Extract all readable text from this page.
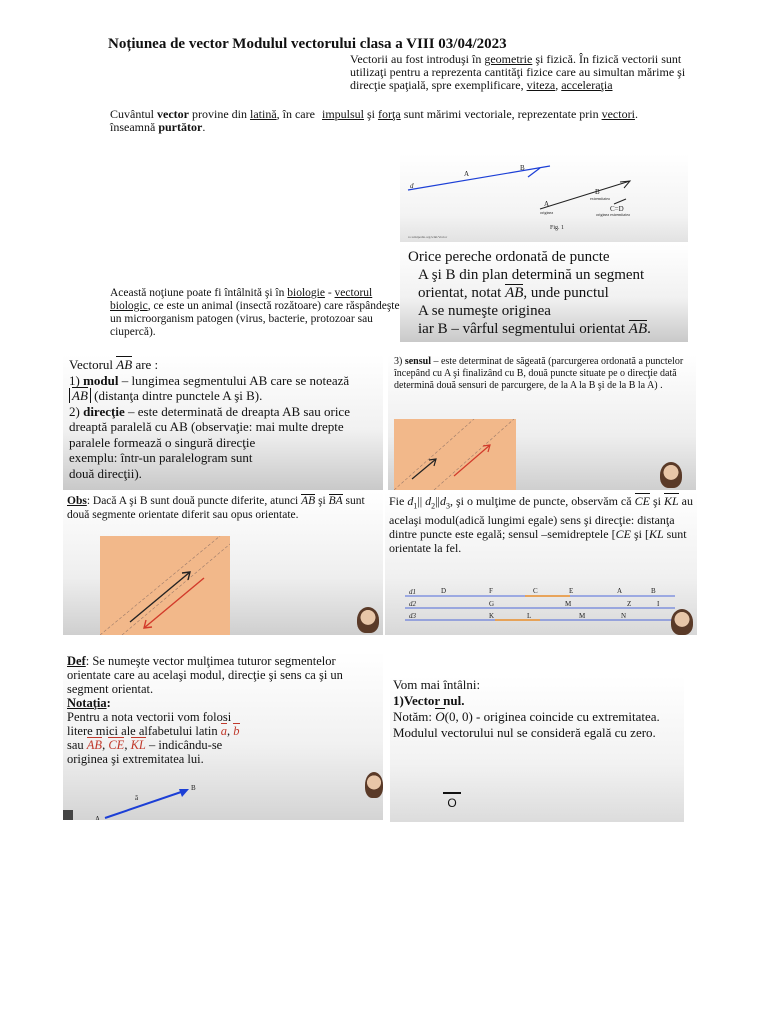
Noțiunea de vector Modulul vectorului clasa a VIII 03/04/2023
Vectorii au fost introduşi în geometrie şi fizică. În fizică vectorii sunt utilizaţi pentru a reprezenta cantităţi fizice care au simultan mărime şi direcţie spaţială, spre exemplificare, viteza, acceleraţia
impulsul şi forţa sunt mărimi vectoriale, reprezentate prin vectori.
Cuvântul vector provine din latină, în care înseamnă purtător.
d
A
B
B
extremitatea
A
originea	C=D
originea extremitatea
Fig. 1
ro.wikipedia.org/wiki/Vector
Orice pereche ordonată de puncte
A şi B din plan determină un segment
orientat, notat AB, unde punctul
A se numeşte originea
iar B – vârful segmentului orientat AB.
Această noţiune poate fi întâlnită şi în biologie - vectorul biologic, ce este un animal (insectă rozătoare) care răspândeşte un microorganism patogen (virus, bacterie, protozoar sau ciupercă).
Vectorul AB are :
1) modul – lungimea segmentului AB care se notează
AB (distanţa dintre punctele A şi B).
2) direcţie – este determinată de dreapta AB sau orice dreaptă paralelă cu AB (observaţie: mai multe drepte paralele formează o singură direcţie
exemplu: într-un paralelogram sunt
două direcţii).
3) sensul – este determinat de săgeată (parcurgerea ordonată a punctelor începând cu A şi finalizând cu B, două puncte situate pe o direcţie dată determină două sensuri de parcurgere, de la A la B şi de la B la A) .
Obs: Dacă A şi B sunt două puncte diferite, atunci AB şi BA sunt două segmente orientate diferit sau opus orientate.
Fie $d_1||$ $d_2||d_3$, şi o mulţime de puncte, observăm că CE şi KL au acelaşi modul(adică lungimi egale) sens şi direcţie: distanţa dintre puncte este egală; sensul –semidreptele [CE şi [KL sunt orientate la fel.
d1
d2
d3
D	F	C	E	A	B
G	M	Z	I
K	L	M	N
Def: Se numeşte vector mulţimea tuturor segmentelor orientate care au acelaşi modul, direcţie şi sens ca şi un segment orientat.
Notaţia:
Pentru a nota vectorii vom folosi
litere mici ale alfabetului latin a, b
sau AB, CE, KL – indicându-se
originea şi extremitatea lui.
A
B
ā
Vom mai întâlni:
1)Vector nul.
Notăm: O(0, 0) - originea coincide cu extremitatea.
Modulul vectorului nul se consideră egală cu zero.
O
